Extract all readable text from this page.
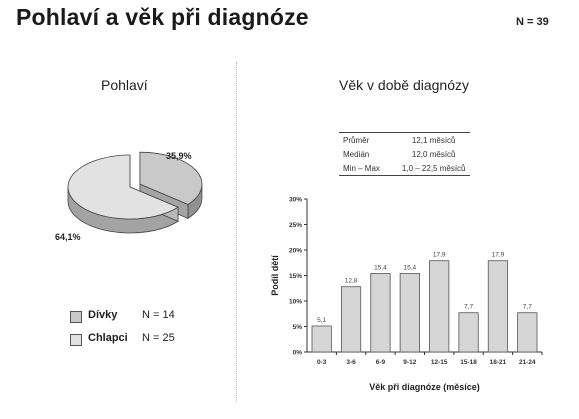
Pohlaví a věk při diagnóze	N = 39
Pohlaví
35,9%
64,1%
Dívky N = 14
Chlapci N = 25
Věk v době diagnózy
Průměr	12,1 měsíců
Medián	12,0 měsíců
Min – Max	1,0 – 22,5 měsíců
0%
5%
10%
15%
20%
25%
30%
5,1
0-3
12,8
3-6
15,4
6-9
15,4
9-12
17,9
12-15
7,7
15-18
17,9
18-21
7,7
21-24
Věk při diagnóze (měsíce)
Podíl dětí
